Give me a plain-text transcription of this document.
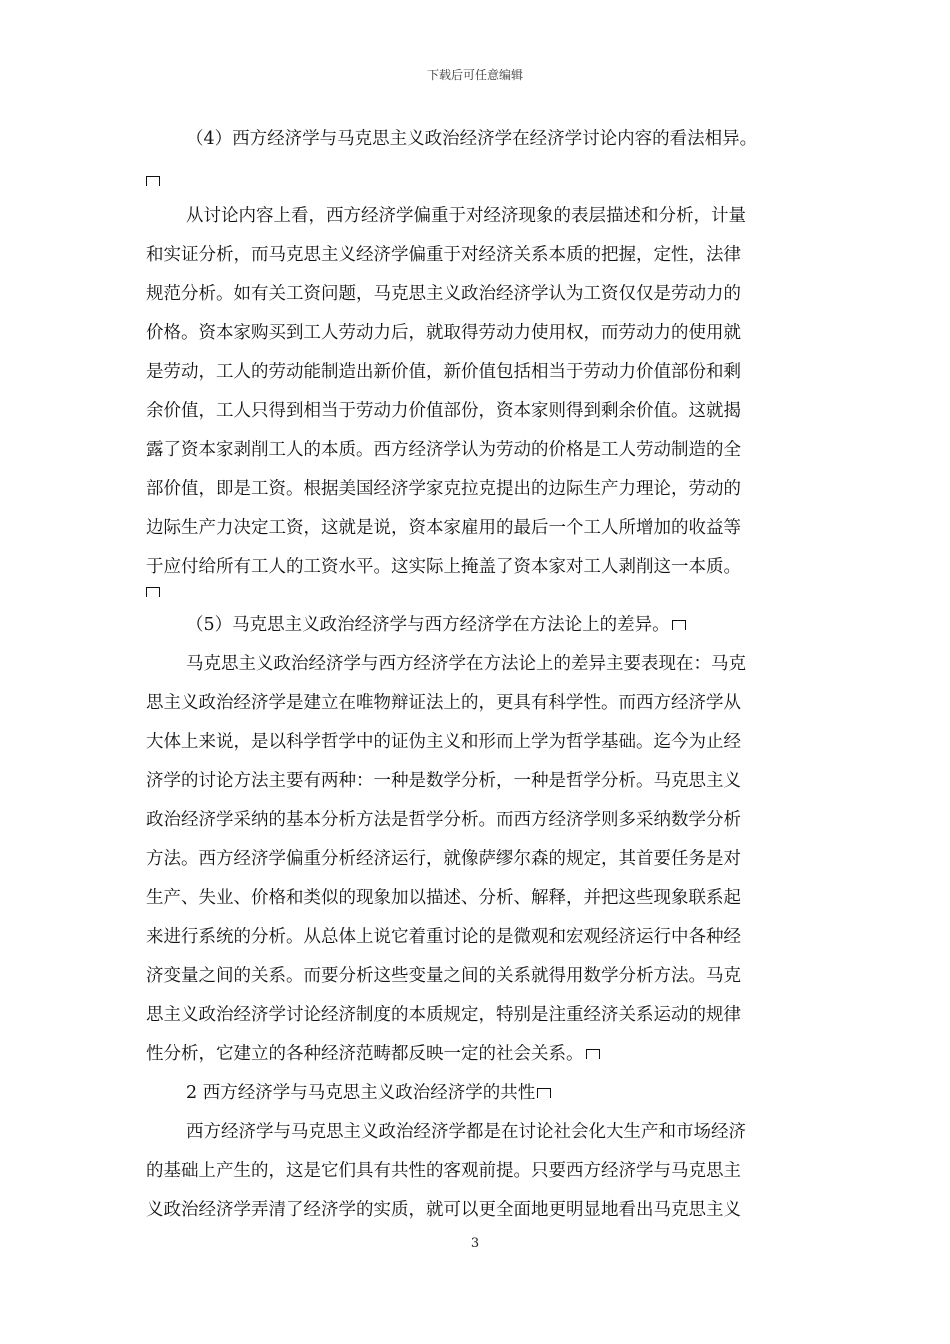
下载后可任意编辑
（4）西方经济学与马克思主义政治经济学在经济学讨论内容的看法相异。
从讨论内容上看，西方经济学偏重于对经济现象的表层描述和分析，计量
和实证分析，而马克思主义经济学偏重于对经济关系本质的把握，定性，法律
规范分析。如有关工资问题，马克思主义政治经济学认为工资仅仅是劳动力的
价格。资本家购买到工人劳动力后，就取得劳动力使用权，而劳动力的使用就
是劳动，工人的劳动能制造出新价值，新价值包括相当于劳动力价值部份和剩
余价值，工人只得到相当于劳动力价值部份，资本家则得到剩余价值。这就揭
露了资本家剥削工人的本质。西方经济学认为劳动的价格是工人劳动制造的全
部价值，即是工资。根据美国经济学家克拉克提出的边际生产力理论，劳动的
边际生产力决定工资，这就是说，资本家雇用的最后一个工人所增加的收益等
于应付给所有工人的工资水平。这实际上掩盖了资本家对工人剥削这一本质。
（5）马克思主义政治经济学与西方经济学在方法论上的差异。
马克思主义政治经济学与西方经济学在方法论上的差异主要表现在：马克
思主义政治经济学是建立在唯物辩证法上的，更具有科学性。而西方经济学从
大体上来说，是以科学哲学中的证伪主义和形而上学为哲学基础。迄今为止经
济学的讨论方法主要有两种：一种是数学分析，一种是哲学分析。马克思主义
政治经济学采纳的基本分析方法是哲学分析。而西方经济学则多采纳数学分析
方法。西方经济学偏重分析经济运行，就像萨缪尔森的规定，其首要任务是对
生产、失业、价格和类似的现象加以描述、分析、解释，并把这些现象联系起
来进行系统的分析。从总体上说它着重讨论的是微观和宏观经济运行中各种经
济变量之间的关系。而要分析这些变量之间的关系就得用数学分析方法。马克
思主义政治经济学讨论经济制度的本质规定，特别是注重经济关系运动的规律
性分析，它建立的各种经济范畴都反映一定的社会关系。
2 西方经济学与马克思主义政治经济学的共性
西方经济学与马克思主义政治经济学都是在讨论社会化大生产和市场经济
的基础上产生的，这是它们具有共性的客观前提。只要西方经济学与马克思主
义政治经济学弄清了经济学的实质，就可以更全面地更明显地看出马克思主义
3
